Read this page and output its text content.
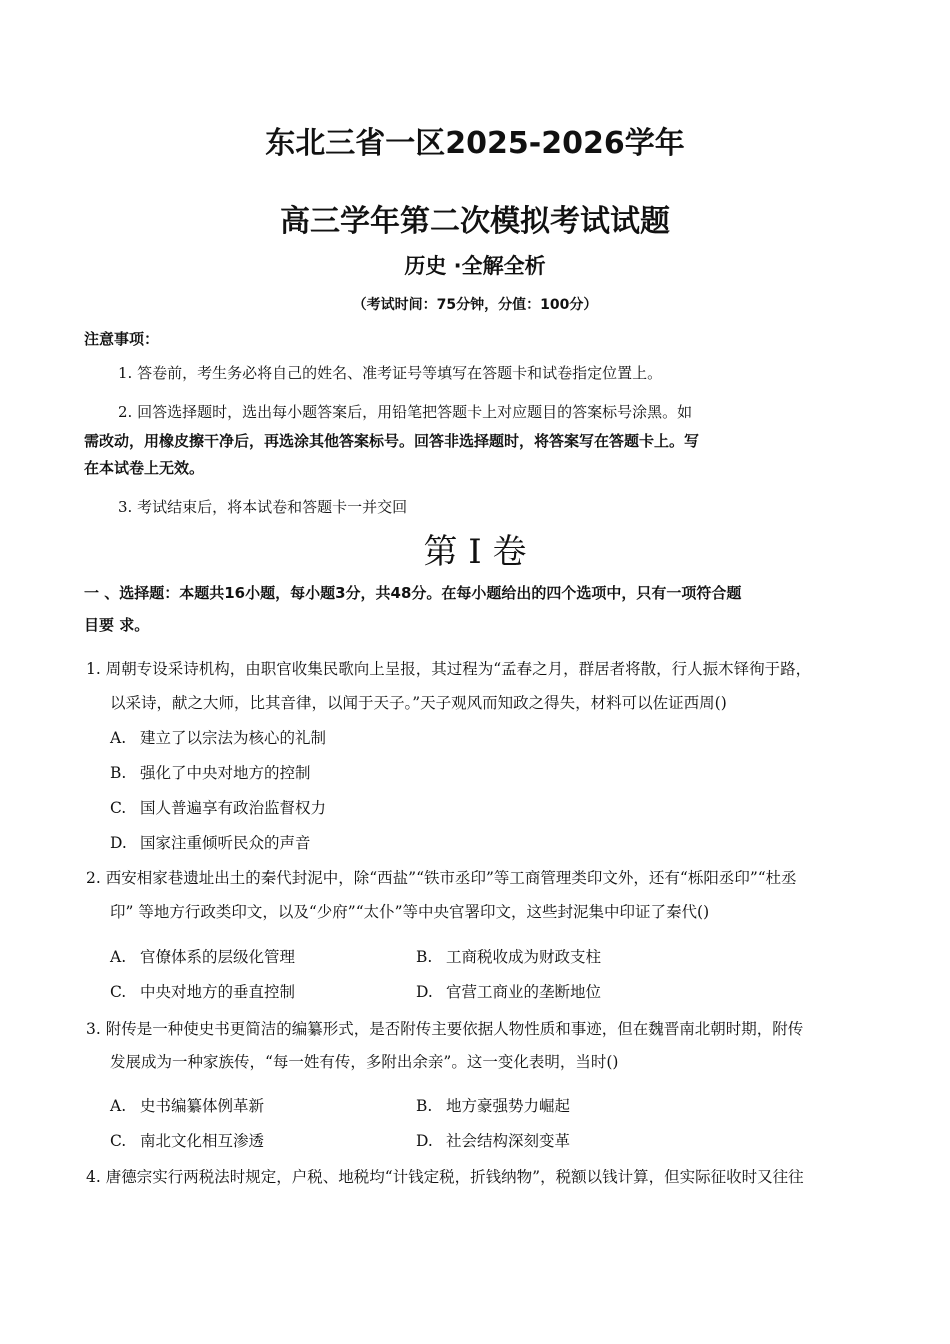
东北三省一区2025-2026学年
高三学年第二次模拟考试试题
历史 ·全解全析
（考试时间：75分钟，分值：100分）
注意事项：
1. 答卷前，考生务必将自己的姓名、准考证号等填写在答题卡和试卷指定位置上。
2. 回答选择题时，选出每小题答案后，用铅笔把答题卡上对应题目的答案标号涂黑。如
需改动，用橡皮擦干净后，再选涂其他答案标号。回答非选择题时，将答案写在答题卡上。写
在本试卷上无效。
3. 考试结束后，将本试卷和答题卡一并交回
第 I 卷
一 、选择题：本题共16小题，每小题3分，共48分。在每小题给出的四个选项中，只有一项符合题
目要 求。
1. 周朝专设采诗机构，由职官收集民歌向上呈报，其过程为“孟春之月，群居者将散，行人振木铎徇于路，
以采诗，献之大师，比其音律，以闻于天子。”天子观风而知政之得失，材料可以佐证西周()
A. 建立了以宗法为核心的礼制
B. 强化了中央对地方的控制
C. 国人普遍享有政治监督权力
D. 国家注重倾听民众的声音
2. 西安相家巷遗址出土的秦代封泥中，除“西盐”“铁市丞印”等工商管理类印文外，还有“栎阳丞印”“杜丞
印” 等地方行政类印文，以及“少府”“太仆”等中央官署印文，这些封泥集中印证了秦代()
A. 官僚体系的层级化管理	B. 工商税收成为财政支柱
C. 中央对地方的垂直控制	D. 官营工商业的垄断地位
3. 附传是一种使史书更简洁的编纂形式，是否附传主要依据人物性质和事迹，但在魏晋南北朝时期，附传
发展成为一种家族传，“每一姓有传，多附出余亲”。这一变化表明，当时()
A. 史书编纂体例革新	B. 地方豪强势力崛起
C. 南北文化相互渗透	D. 社会结构深刻变革
4. 唐德宗实行两税法时规定，户税、地税均“计钱定税，折钱纳物”，税额以钱计算，但实际征收时又往往
